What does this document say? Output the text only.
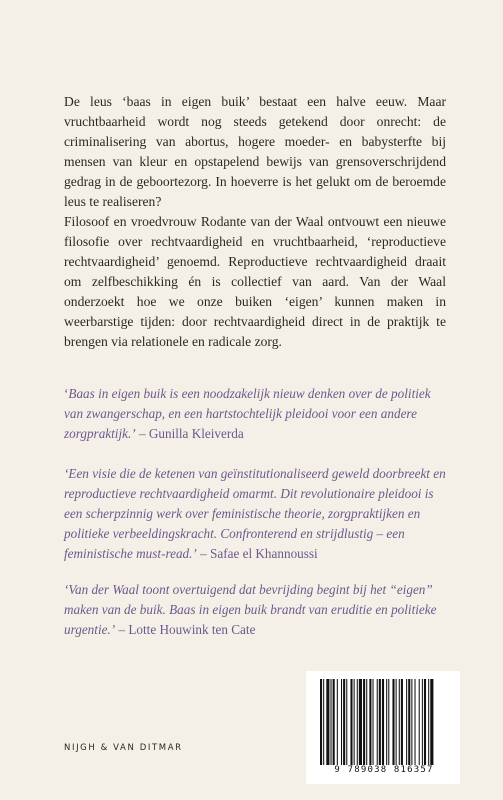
De leus ‘baas in eigen buik’ bestaat een halve eeuw. Maar vruchtbaarheid wordt nog steeds getekend door onrecht: de criminalisering van abortus, hogere moeder- en babysterfte bij mensen van kleur en opstapelend bewijs van grensoverschrijdend gedrag in de geboortezorg. In hoeverre is het gelukt om de beroemde leus te realiseren?

Filosoof en vroedvrouw Rodante van der Waal ontvouwt een nieuwe filosofie over rechtvaardigheid en vruchtbaarheid, ‘reproductieve rechtvaardigheid’ genoemd. Reproductieve rechtvaardigheid draait om zelfbeschikking én is collectief van aard. Van der Waal onderzoekt hoe we onze buiken ‘eigen’ kunnen maken in weerbarstige tijden: door rechtvaardigheid direct in de praktijk te brengen via relationele en radicale zorg.

‘Baas in eigen buik is een noodzakelijk nieuw denken over de politiek van zwangerschap, en een hartstochtelijk pleidooi voor een andere zorgpraktijk.’ – Gunilla Kleiverda

‘Een visie die de ketenen van geïnstitutionaliseerd geweld doorbreekt en reproductieve rechtvaardigheid omarmt. Dit revolutionaire pleidooi is een scherpzinnig werk over feministische theorie, zorgpraktijken en politieke verbeeldingskracht. Confronterend en strijdlustig – een feministische must-read.’ – Safae el Khannoussi

‘Van der Waal toont overtuigend dat bevrijding begint bij het “eigen” maken van de buik. Baas in eigen buik brandt van eruditie en politieke urgentie.’ – Lotte Houwink ten Cate

NIJGH & VAN DITMAR
9 789038 816357
